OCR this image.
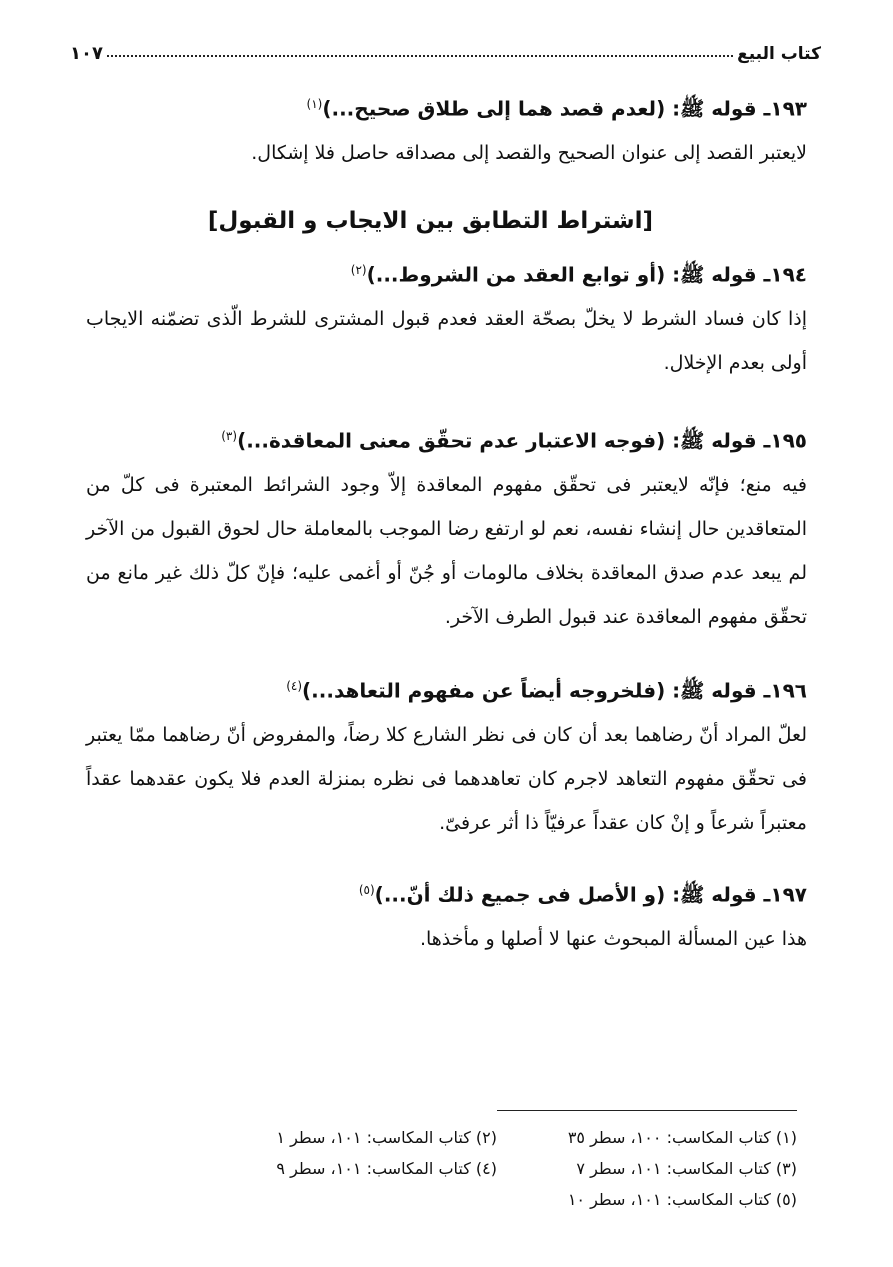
كتاب البيع
١٠٧
١٩٣ـ قوله ﷺ: (لعدم قصد هما إلى طلاق صحيح...)$^{(١)}$

لايعتبر القصد إلى عنوان الصحيح والقصد إلى مصداقه حاصل فلا إشكال.

[اشتراط التطابق بين الايجاب و القبول]
١٩٤ـ قوله ﷺ: (أو توابع العقد من الشروط...)$^{(٢)}$

إذا كان فساد الشرط لا يخلّ بصحّة العقد فعدم قبول المشترى للشرط الّذى تضمّنه الايجاب أولى بعدم الإخلال.

١٩٥ـ قوله ﷺ: (فوجه الاعتبار عدم تحقّق معنى المعاقدة...)$^{(٣)}$

فيه منع؛ فإنّه لايعتبر فى تحقّق مفهوم المعاقدة إلاّ وجود الشرائط المعتبرة فى كلّ من المتعاقدين حال إنشاء نفسه، نعم لو ارتفع رضا الموجب بالمعاملة حال لحوق القبول من الآخر لم يبعد عدم صدق المعاقدة بخلاف مالومات أو جُنّ أو أغمى عليه؛ فإنّ كلّ ذلك غير مانع من تحقّق مفهوم المعاقدة عند قبول الطرف الآخر.

١٩٦ـ قوله ﷺ: (فلخروجه أيضاً عن مفهوم التعاهد...)$^{(٤)}$

لعلّ المراد أنّ رضاهما بعد أن كان فى نظر الشارع كلا رضاً، والمفروض أنّ رضاهما ممّا يعتبر فى تحقّق مفهوم التعاهد لاجرم كان تعاهدهما فى نظره بمنزلة العدم فلا يكون عقدهما عقداً معتبراً شرعاً و إنْ كان عقداً عرفيّاً ذا أثر عرفىّ.

١٩٧ـ قوله ﷺ: (و الأصل فى جميع ذلك أنّ...)$^{(٥)}$

هذا عين المسألة المبحوث عنها لا أصلها و مأخذها.

(١) كتاب المكاسب: ١٠٠، سطر ٣٥
(٢) كتاب المكاسب: ١٠١، سطر ١
(٣) كتاب المكاسب: ١٠١، سطر ٧
(٤) كتاب المكاسب: ١٠١، سطر ٩
(٥) كتاب المكاسب: ١٠١، سطر ١٠
